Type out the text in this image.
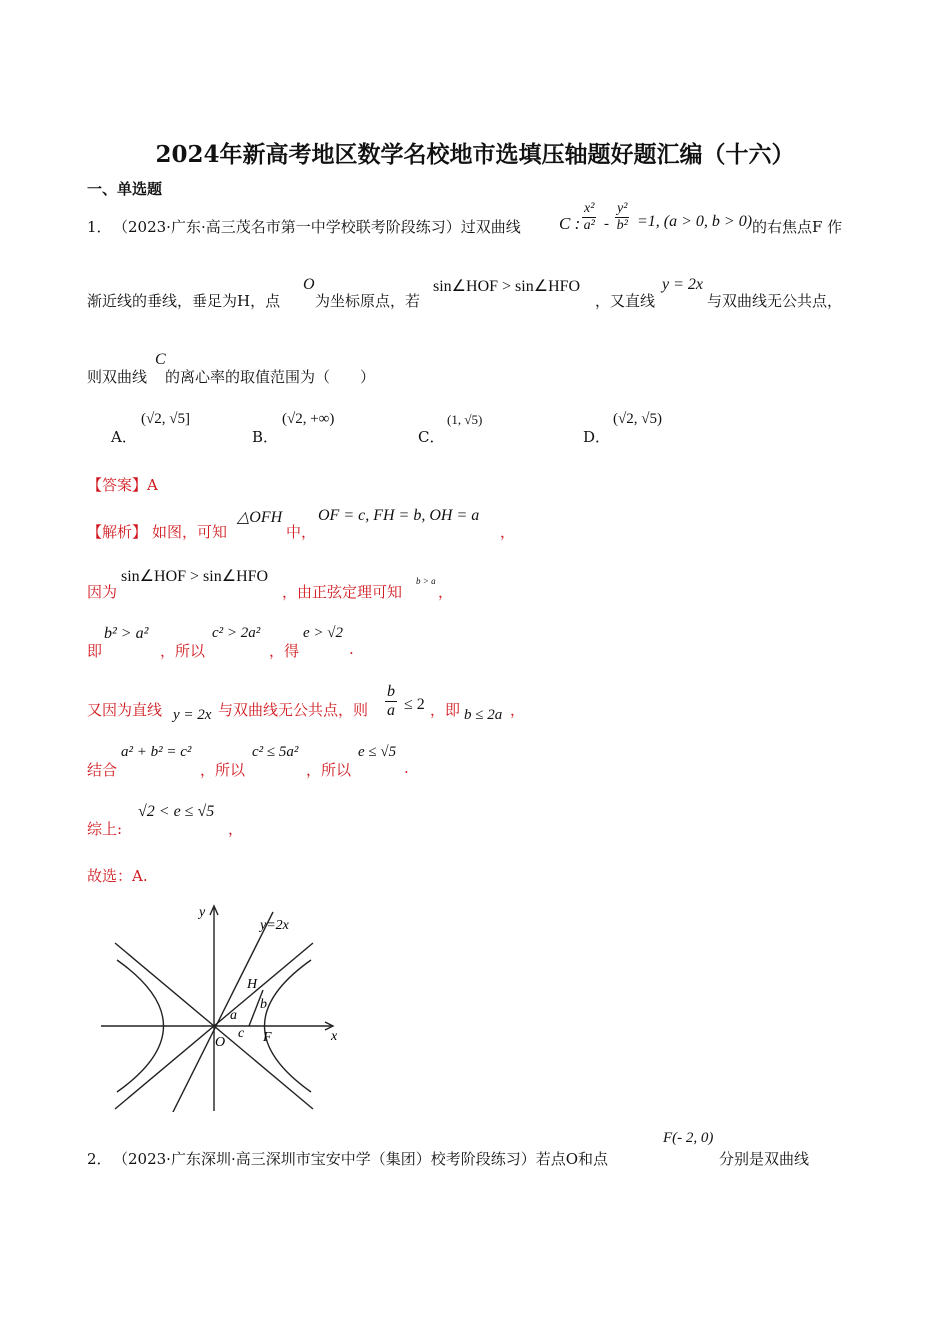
2024年新高考地区数学名校地市选填压轴题好题汇编（十六）
一、单选题
1． （2023·广东·高三茂名市第一中学校联考阶段练习）过双曲线 C : $\frac{\text{x²}}{\text{a²}} - \frac{\text{y²}}{\text{b²}} =1$, (a > 0, b > 0) 的右焦点F 作
渐近线的垂线，垂足为H，点
O
为坐标原点，若
sin∠HOF > sin∠HFO
，又直线
y = 2x
与双曲线无公共点，
则双曲线
C
的离心率的取值范围为（　　）
A．
(√2, √5]
B．
(√2, +∞)
C．
(1, √5)
D．
(√2, √5)
【答案】A
【解析】 如图，可知
△OFH
中，
OF = c, FH = b, OH = a
，
因为
sin∠HOF > sin∠HFO
，由正弦定理可知
b > a
，
即
b² > a²
，所以
c² > 2a²
，得
e > √2
.
又因为直线 y = 2x 与双曲线无公共点，则 $\frac{b}{a} \le 2$ ，即 b ≤ 2a ，
结合
a² + b² = c²
，所以
c² ≤ 5a²
，所以
e ≤ √5
.
综上:
√2 < e ≤ √5
，
故选：A.
y
x
y=2x
H
a
b
c
O	F
2． （2023·广东深圳·高三深圳市宝安中学（集团）校考阶段练习）若点O和点
F(- 2, 0)
分别是双曲线
